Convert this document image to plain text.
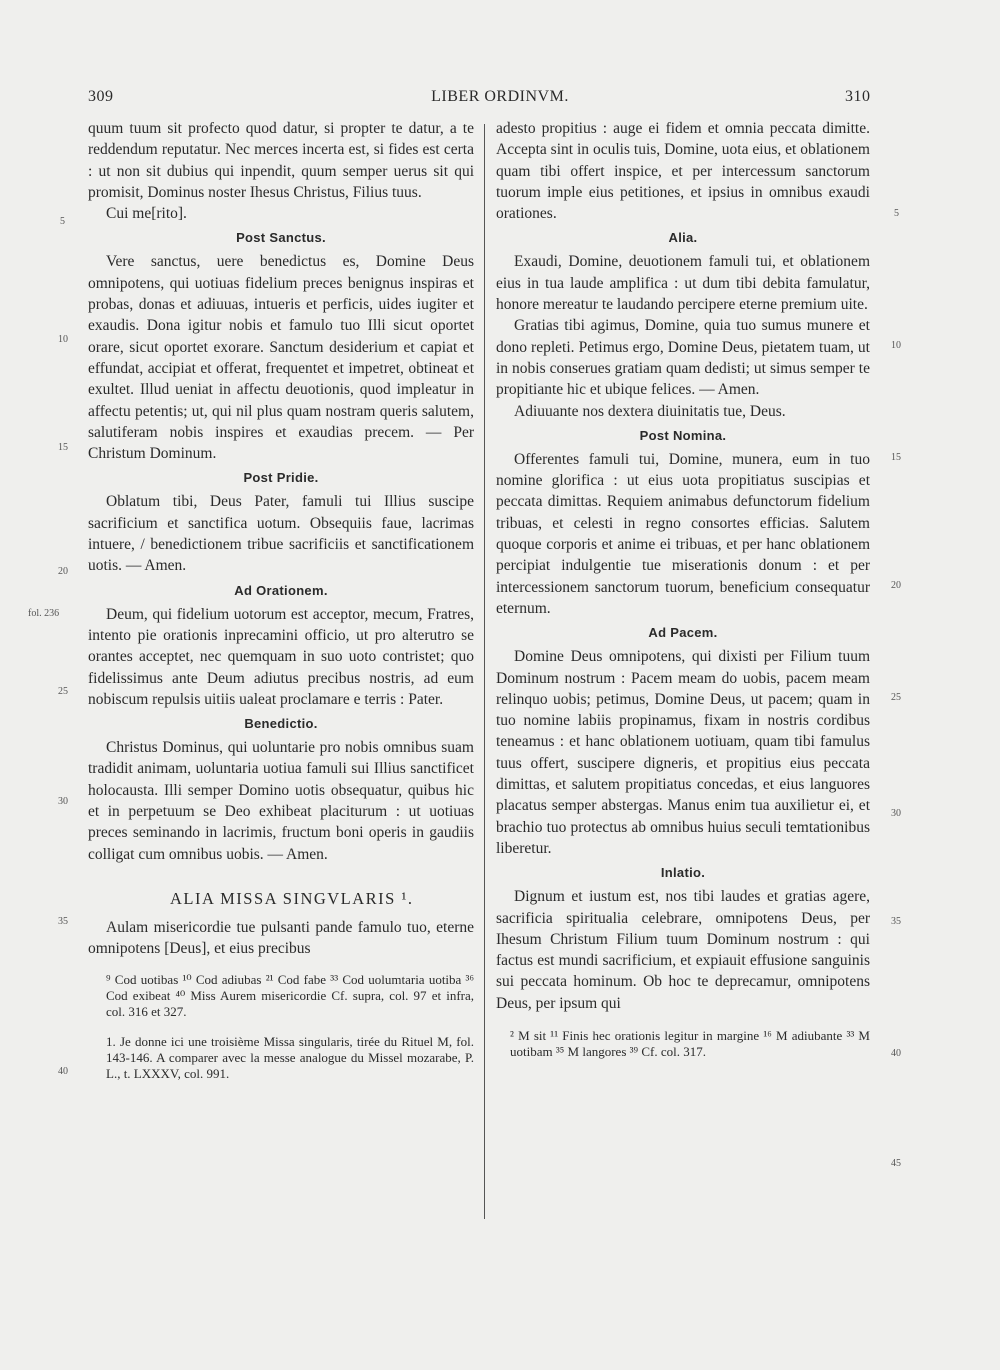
309	LIBER ORDINVM.	310
5
10
15
20
25
30
35
40
fol. 236
5
10
15
20
25
30
35
40
45

quum tuum sit profecto quod datur, si propter te datur, a te reddendum reputatur. Nec merces incerta est, si fides est certa : ut non sit dubius qui inpendit, quum semper uerus sit qui promisit, Dominus noster Ihesus Christus, Filius tuus.

Cui me[rito].

Post Sanctus.

Vere sanctus, uere benedictus es, Domine Deus omnipotens, qui uotiuas fidelium preces benignus inspiras et probas, donas et adiuuas, intueris et perficis, uides iugiter et exaudis. Dona igitur nobis et famulo tuo Illi sicut oportet orare, sicut oportet exorare. Sanctum desiderium et capiat et effundat, accipiat et offerat, frequentet et impetret, obtineat et exultet. Illud ueniat in affectu deuotionis, quod impleatur in affectu petentis; ut, qui nil plus quam nostram queris salutem, salutiferam nobis inspires et exaudias precem. — Per Christum Dominum.

Post Pridie.

Oblatum tibi, Deus Pater, famuli tui Illius suscipe sacrificium et sanctifica uotum. Obsequiis faue, lacrimas intuere, / benedictionem tribue sacrificiis et sanctificationem uotis. — Amen.

Ad Orationem.

Deum, qui fidelium uotorum est acceptor, mecum, Fratres, intento pie orationis inprecamini officio, ut pro alterutro se orantes acceptet, nec quemquam in suo uoto contristet; quo fidelissimus ante Deum adiutus precibus nostris, ad eum nobiscum repulsis uitiis ualeat proclamare e terris : Pater.

Benedictio.

Christus Dominus, qui uoluntarie pro nobis omnibus suam tradidit animam, uoluntaria uotiua famuli sui Illius sanctificet holocausta. Illi semper Domino uotis obsequatur, quibus hic et in perpetuum se Deo exhibeat placiturum : ut uotiuas preces seminando in lacrimis, fructum boni operis in gaudiis colligat cum omnibus uobis. — Amen.

ALIA MISSA SINGVLARIS ¹.

Aulam misericordie tue pulsanti pande famulo tuo, eterne omnipotens [Deus], et eius precibus

⁹ Cod uotibas ¹⁰ Cod adiubas ²¹ Cod fabe ³³ Cod uolumtaria uotiba ³⁶ Cod exibeat ⁴⁰ Miss Aurem misericordie Cf. supra, col. 97 et infra, col. 316 et 327.

1. Je donne ici une troisième Missa singularis, tirée du Rituel M, fol. 143-146. A comparer avec la messe analogue du Missel mozarabe, P. L., t. LXXXV, col. 991.

adesto propitius : auge ei fidem et omnia peccata dimitte. Accepta sint in oculis tuis, Domine, uota eius, et oblationem quam tibi offert inspice, et per intercessum sanctorum tuorum imple eius petitiones, et ipsius in omnibus exaudi orationes.

Alia.

Exaudi, Domine, deuotionem famuli tui, et oblationem eius in tua laude amplifica : ut dum tibi debita famulatur, honore mereatur te laudando percipere eterne premium uite.

Gratias tibi agimus, Domine, quia tuo sumus munere et dono repleti. Petimus ergo, Domine Deus, pietatem tuam, ut in nobis conserues gratiam quam dedisti; ut simus semper te propitiante hic et ubique felices. — Amen.

Adiuuante nos dextera diuinitatis tue, Deus.

Post Nomina.

Offerentes famuli tui, Domine, munera, eum in tuo nomine glorifica : ut eius uota propitiatus suscipias et peccata dimittas. Requiem animabus defunctorum fidelium tribuas, et celesti in regno consortes efficias. Salutem quoque corporis et anime ei tribuas, et per hanc oblationem percipiat indulgentie tue miserationis donum : et per intercessionem sanctorum tuorum, beneficium consequatur eternum.

Ad Pacem.

Domine Deus omnipotens, qui dixisti per Filium tuum Dominum nostrum : Pacem meam do uobis, pacem meam relinquo uobis; petimus, Domine Deus, ut pacem; quam in tuo nomine labiis propinamus, fixam in nostris cordibus teneamus : et hanc oblationem uotiuam, quam tibi famulus tuus offert, suscipere digneris, et propitius eius peccata dimittas, et salutem propitiatus concedas, et eius languores placatus semper abstergas. Manus enim tua auxilietur ei, et brachio tuo protectus ab omnibus huius seculi temtationibus liberetur.

Inlatio.

Dignum et iustum est, nos tibi laudes et gratias agere, sacrificia spiritualia celebrare, omnipotens Deus, per Ihesum Christum Filium tuum Dominum nostrum : qui factus est mundi sacrificium, et expiauit effusione sanguinis sui peccata hominum. Ob hoc te deprecamur, omnipotens Deus, per ipsum qui

² M sit ¹¹ Finis hec orationis legitur in margine ¹⁶ M adiubante ³³ M uotibam ³⁵ M langores ³⁹ Cf. col. 317.
